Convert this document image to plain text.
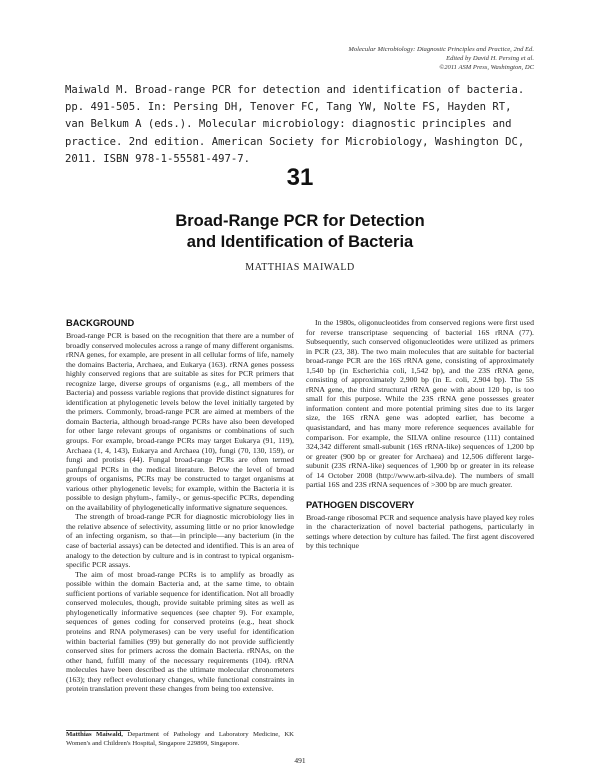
Molecular Microbiology: Diagnostic Principles and Practice, 2nd Ed.
Edited by David H. Persing et al.
©2011 ASM Press, Washington, DC
Maiwald M. Broad-range PCR for detection and identification of bacteria.
pp. 491-505. In: Persing DH, Tenover FC, Tang YW, Nolte FS, Hayden RT,
van Belkum A (eds.). Molecular microbiology: diagnostic principles and
practice. 2nd edition. American Society for Microbiology, Washington DC,
2011. ISBN 978-1-55581-497-7.
31
Broad-Range PCR for Detection
and Identification of Bacteria
MATTHIAS MAIWALD
BACKGROUND

Broad-range PCR is based on the recognition that there are a number of broadly conserved molecules across a range of many different organisms. rRNA genes, for example, are present in all cellular forms of life, namely the domains Bacteria, Archaea, and Eukarya (163). rRNA genes possess highly conserved regions that are suitable as sites for PCR primers that recognize large, diverse groups of organisms (e.g., all members of the Bacteria) and possess variable regions that provide distinct signatures for identification at phylogenetic levels below the level initially targeted by the primers. Commonly, broad-range PCR are aimed at members of the domain Bacteria, although broad-range PCRs have also been developed for other large relevant groups of organisms or combinations of such groups. For example, broad-range PCRs may target Eukarya (91, 119), Archaea (1, 4, 143), Eukarya and Archaea (10), fungi (70, 130, 159), or fungi and protists (44). Fungal broad-range PCRs are often termed panfungal PCRs in the medical literature. Below the level of broad groups of organisms, PCRs may be constructed to target organisms at various other phylogenetic levels; for example, within the Bacteria it is possible to design phylum-, family-, or genus-specific PCRs, depending on the availability of phylogenetically informative signature sequences.

The strength of broad-range PCR for diagnostic microbiology lies in the relative absence of selectivity, assuming little or no prior knowledge of an infecting organism, so that—in principle—any bacterium (in the case of bacterial assays) can be detected and identified. This is an area of analogy to the detection by culture and is in contrast to typical organism-specific PCR assays.

The aim of most broad-range PCRs is to amplify as broadly as possible within the domain Bacteria and, at the same time, to obtain sufficient portions of variable sequence for identification. Not all broadly conserved molecules, though, provide suitable priming sites as well as phylogenetically informative sequences (see chapter 9). For example, sequences of genes coding for conserved proteins (e.g., heat shock proteins and RNA polymerases) can be very useful for identification within bacterial families (99) but generally do not provide sufficiently conserved sites for primers across the domain Bacteria. rRNAs, on the other hand, fulfill many of the necessary requirements (104). rRNA molecules have been described as the ultimate molecular chronometers (163); they reflect evolutionary changes, while functional constraints in protein translation prevent these changes from being too extensive.

In the 1980s, oligonucleotides from conserved regions were first used for reverse transcriptase sequencing of bacterial 16S rRNA (77). Subsequently, such conserved oligonucleotides were utilized as primers in PCR (23, 38). The two main molecules that are suitable for bacterial broad-range PCR are the 16S rRNA gene, consisting of approximately 1,540 bp (in Escherichia coli, 1,542 bp), and the 23S rRNA gene, consisting of approximately 2,900 bp (in E. coli, 2,904 bp). The 5S rRNA gene, the third structural rRNA gene with about 120 bp, is too small for this purpose. While the 23S rRNA gene possesses greater information content and more potential priming sites due to its larger size, the 16S rRNA gene was adopted earlier, has become a quasistandard, and has many more reference sequences available for comparison. For example, the SILVA online resource (111) contained 324,342 different small-subunit (16S rRNA-like) sequences of 1,200 bp or greater (900 bp or greater for Archaea) and 12,506 different large-subunit (23S rRNA-like) sequences of 1,900 bp or greater in its release of 14 October 2008 (http://www.arb-silva.de). The numbers of small partial 16S and 23S rRNA sequences of >300 bp are much greater.

PATHOGEN DISCOVERY

Broad-range ribosomal PCR and sequence analysis have played key roles in the characterization of novel bacterial pathogens, particularly in settings where detection by culture has failed. The first agent discovered by this technique

Matthias Maiwald, Department of Pathology and Laboratory Medicine, KK Women's and Children's Hospital, Singapore 229899, Singapore.
491
